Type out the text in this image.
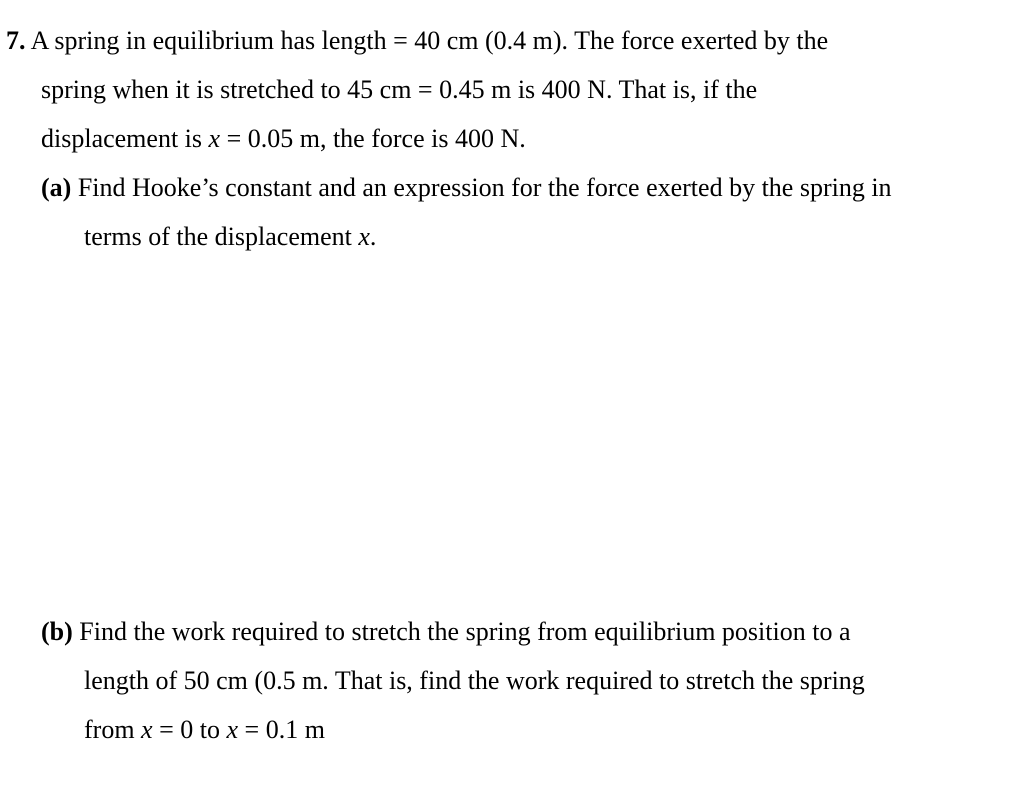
7. A spring in equilibrium has length = 40 cm (0.4 m). The force exerted by the
spring when it is stretched to 45 cm = 0.45 m is 400 N. That is, if the
displacement is x = 0.05 m, the force is 400 N.
(a) Find Hooke’s constant and an expression for the force exerted by the spring in
terms of the displacement x.
(b) Find the work required to stretch the spring from equilibrium position to a
length of 50 cm (0.5 m. That is, find the work required to stretch the spring
from x = 0 to x = 0.1 m
